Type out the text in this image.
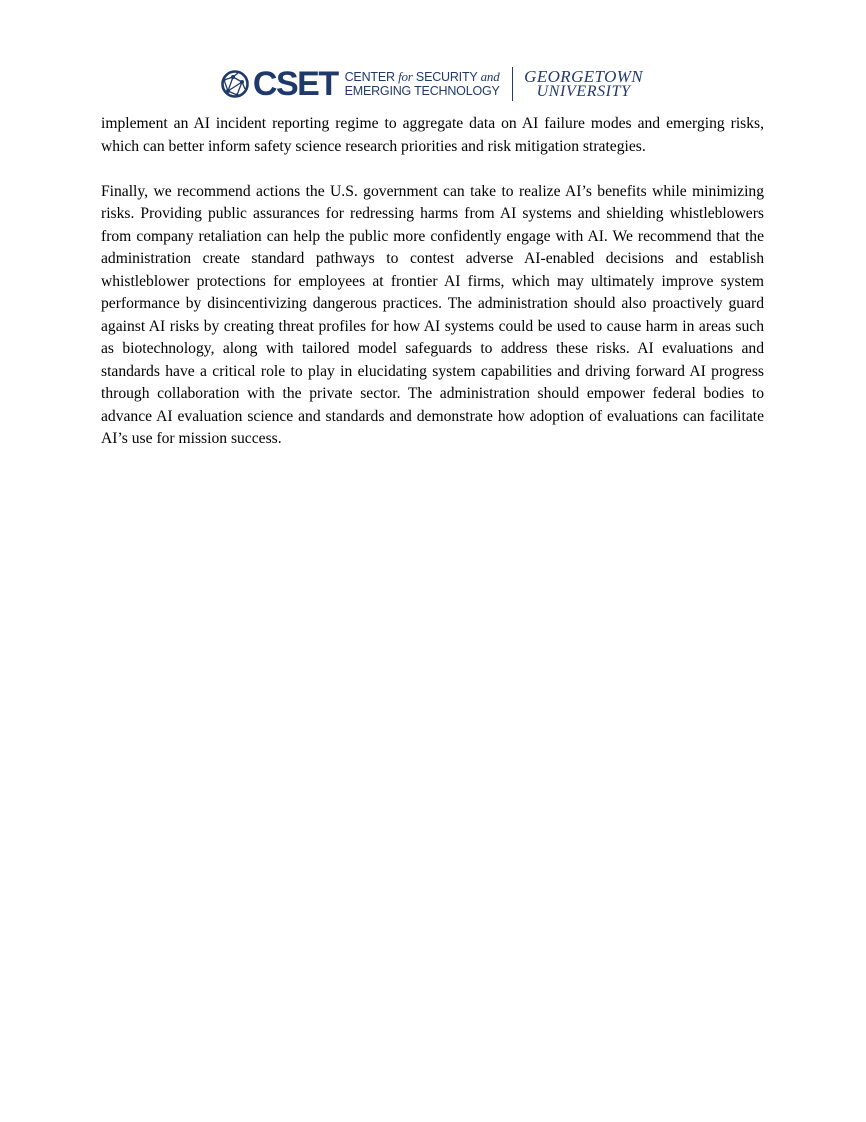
CSET CENTER for SECURITY and
EMERGING TECHNOLOGY
GEORGETOWN
UNIVERSITY

implement an AI incident reporting regime to aggregate data on AI failure modes and emerging risks, which can better inform safety science research priorities and risk mitigation strategies.

Finally, we recommend actions the U.S. government can take to realize AI’s benefits while minimizing risks. Providing public assurances for redressing harms from AI systems and shielding whistleblowers from company retaliation can help the public more confidently engage with AI. We recommend that the administration create standard pathways to contest adverse AI-enabled decisions and establish whistleblower protections for employees at frontier AI firms, which may ultimately improve system performance by disincentivizing dangerous practices. The administration should also proactively guard against AI risks by creating threat profiles for how AI systems could be used to cause harm in areas such as biotechnology, along with tailored model safeguards to address these risks. AI evaluations and standards have a critical role to play in elucidating system capabilities and driving forward AI progress through collaboration with the private sector. The administration should empower federal bodies to advance AI evaluation science and standards and demonstrate how adoption of evaluations can facilitate AI’s use for mission success.
